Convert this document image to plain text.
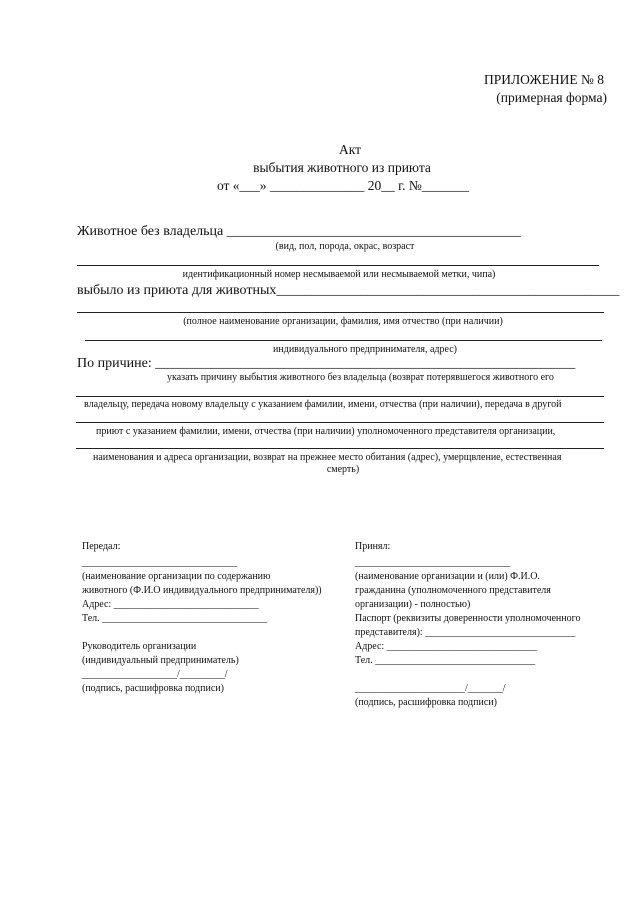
ПРИЛОЖЕНИЕ № 8
(примерная форма)
Акт
выбытия животного из приюта
от «___» ______________ 20__ г. №_______
Животное без владельца __________________________________________
(вид, пол, порода, окрас, возраст
идентификационный номер несмываемой или несмываемой метки, чипа)
выбыло из приюта для животных_________________________________________________
(полное наименование организации, фамилия, имя отчество (при наличии)
индивидуального предпринимателя, адрес)
По причине: ____________________________________________________________
указать причину выбытия животного без владельца (возврат потерявшегося животного его
владельцу, передача новому владельцу с указанием фамилии, имени, отчества (при наличии), передача в другой
приют с указанием фамилии, имени, отчества (при наличии) уполномоченного представителя организации,
наименования и адреса организации, возврат на прежнее место обитания (адрес), умерщвление, естественная
смерть)
Передал:
_______________________________
(наименование организации по содержанию
животного (Ф.И.О индивидуального предпринимателя))
Адрес: _____________________________
Тел. _________________________________
Руководитель организации
(индивидуальный предприниматель)
___________________/_________/
(подпись, расшифровка подписи)
Принял:
_______________________________
(наименование организации и (или) Ф.И.О.
гражданина (уполномоченного представителя
организации) - полностью)
Паспорт (реквизиты доверенности уполномоченного
представителя): ______________________________
Адрес: ______________________________
Тел. ________________________________
______________________/_______/
(подпись, расшифровка подписи)
